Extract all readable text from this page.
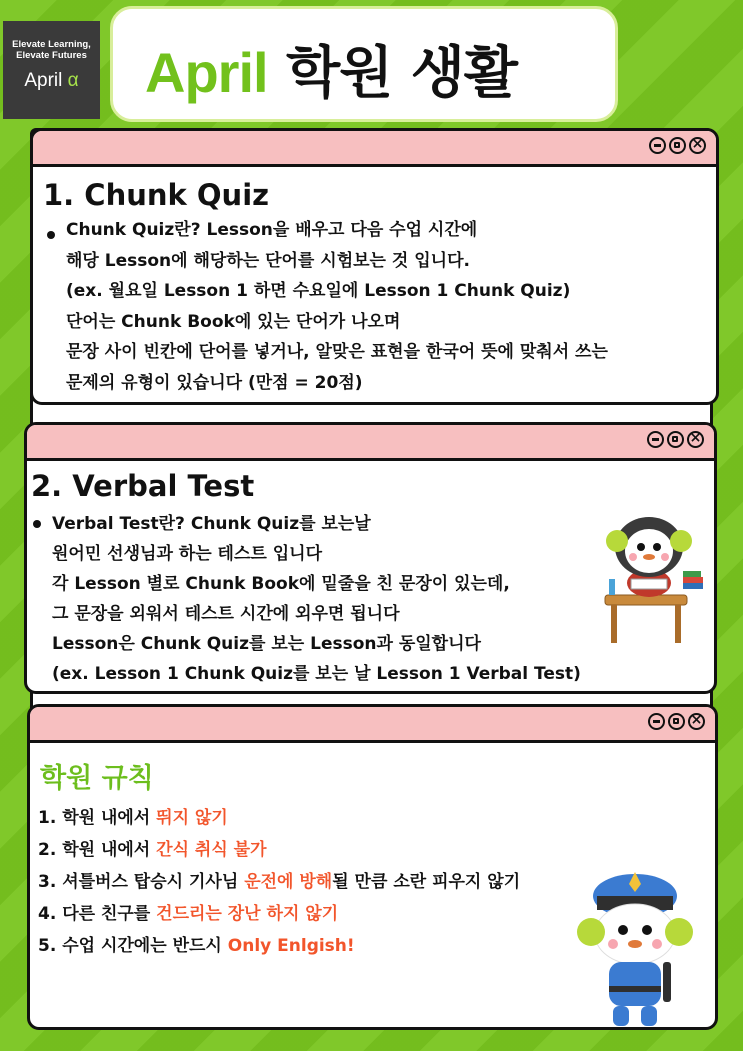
Elevate Learning,
Elevate Futures
April α April 학원 생활
×
1. Chunk Quiz
Chunk Quiz란? Lesson을 배우고 다음 수업 시간에
해당 Lesson에 해당하는 단어를 시험보는 것 입니다.
(ex. 월요일 Lesson 1 하면 수요일에 Lesson 1 Chunk Quiz)
단어는 Chunk Book에 있는 단어가 나오며
문장 사이 빈칸에 단어를 넣거나, 알맞은 표현을 한국어 뜻에 맞춰서 쓰는
문제의 유형이 있습니다 (만점 = 20점)
×
2. Verbal Test
Verbal Test란? Chunk Quiz를 보는날
원어민 선생님과 하는 테스트 입니다
각 Lesson 별로 Chunk Book에 밑줄을 친 문장이 있는데,
그 문장을 외워서 테스트 시간에 외우면 됩니다
Lesson은 Chunk Quiz를 보는 Lesson과 동일합니다
(ex. Lesson 1 Chunk Quiz를 보는 날 Lesson 1 Verbal Test)
×
학원 규칙
1. 학원 내에서 뛰지 않기
2. 학원 내에서 간식 취식 불가
3. 셔틀버스 탑승시 기사님 운전에 방해될 만큼 소란 피우지 않기
4. 다른 친구를 건드리는 장난 하지 않기
5. 수업 시간에는 반드시 Only Enlgish!
